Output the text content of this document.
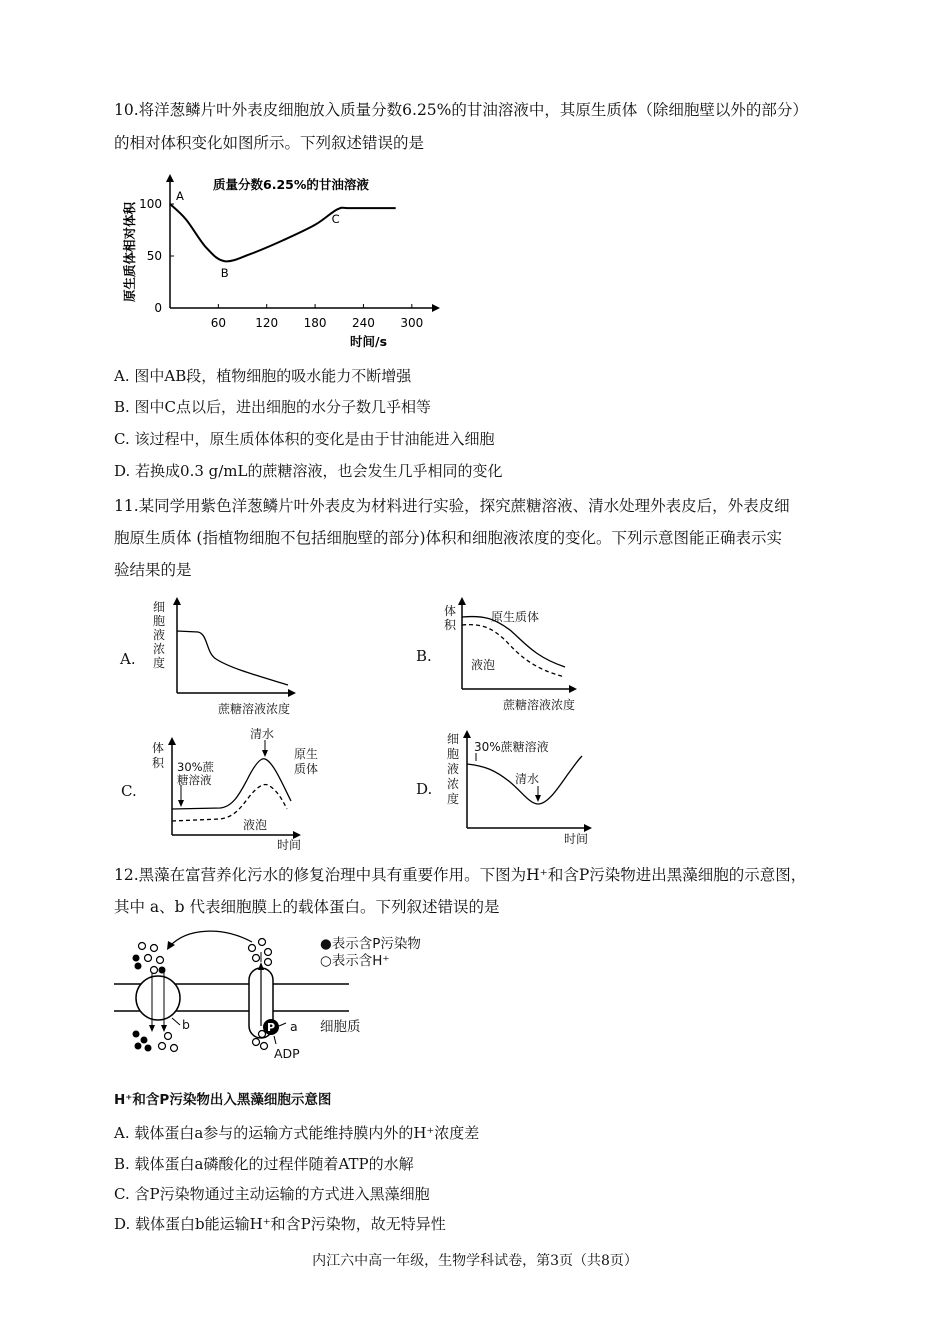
10.将洋葱鳞片叶外表皮细胞放入质量分数6.25%的甘油溶液中，其原生质体（除细胞壁以外的部分）
的相对体积变化如图所示。下列叙述错误的是
质量分数6.25%的甘油溶液
原生质体相对体积
时间/s
0
50
100
60 120 180 240 300
A
B
C
A. 图中AB段，植物细胞的吸水能力不断增强
B. 图中C点以后，进出细胞的水分子数几乎相等
C. 该过程中，原生质体体积的变化是由于甘油能进入细胞
D. 若换成0.3 g/mL的蔗糖溶液，也会发生几乎相同的变化
11.某同学用紫色洋葱鳞片叶外表皮为材料进行实验，探究蔗糖溶液、清水处理外表皮后，外表皮细
胞原生质体 (指植物细胞不包括细胞壁的部分)体积和细胞液浓度的变化。下列示意图能正确表示实
验结果的是
A.
细
胞
液
浓
度
蔗糖溶液浓度
B.
体
积
原生质体
液泡
蔗糖溶液浓度
C.
体
积 30%蔗
糖溶液
清水
原生
质体
液泡
时间
D.
细
胞
液
浓
度
30%蔗糖溶液
清水
时间
12.黑藻在富营养化污水的修复治理中具有重要作用。下图为H⁺和含P污染物进出黑藻细胞的示意图，
其中 a、b 代表细胞膜上的载体蛋白。下列叙述错误的是
P
b	a
ADP
细胞质
●表示含P污染物
○表示含H⁺
H⁺和含P污染物出入黑藻细胞示意图
A. 载体蛋白a参与的运输方式能维持膜内外的H⁺浓度差
B. 载体蛋白a磷酸化的过程伴随着ATP的水解
C. 含P污染物通过主动运输的方式进入黑藻细胞
D. 载体蛋白b能运输H⁺和含P污染物，故无特异性
内江六中高一年级，生物学科试卷，第3页（共8页）
